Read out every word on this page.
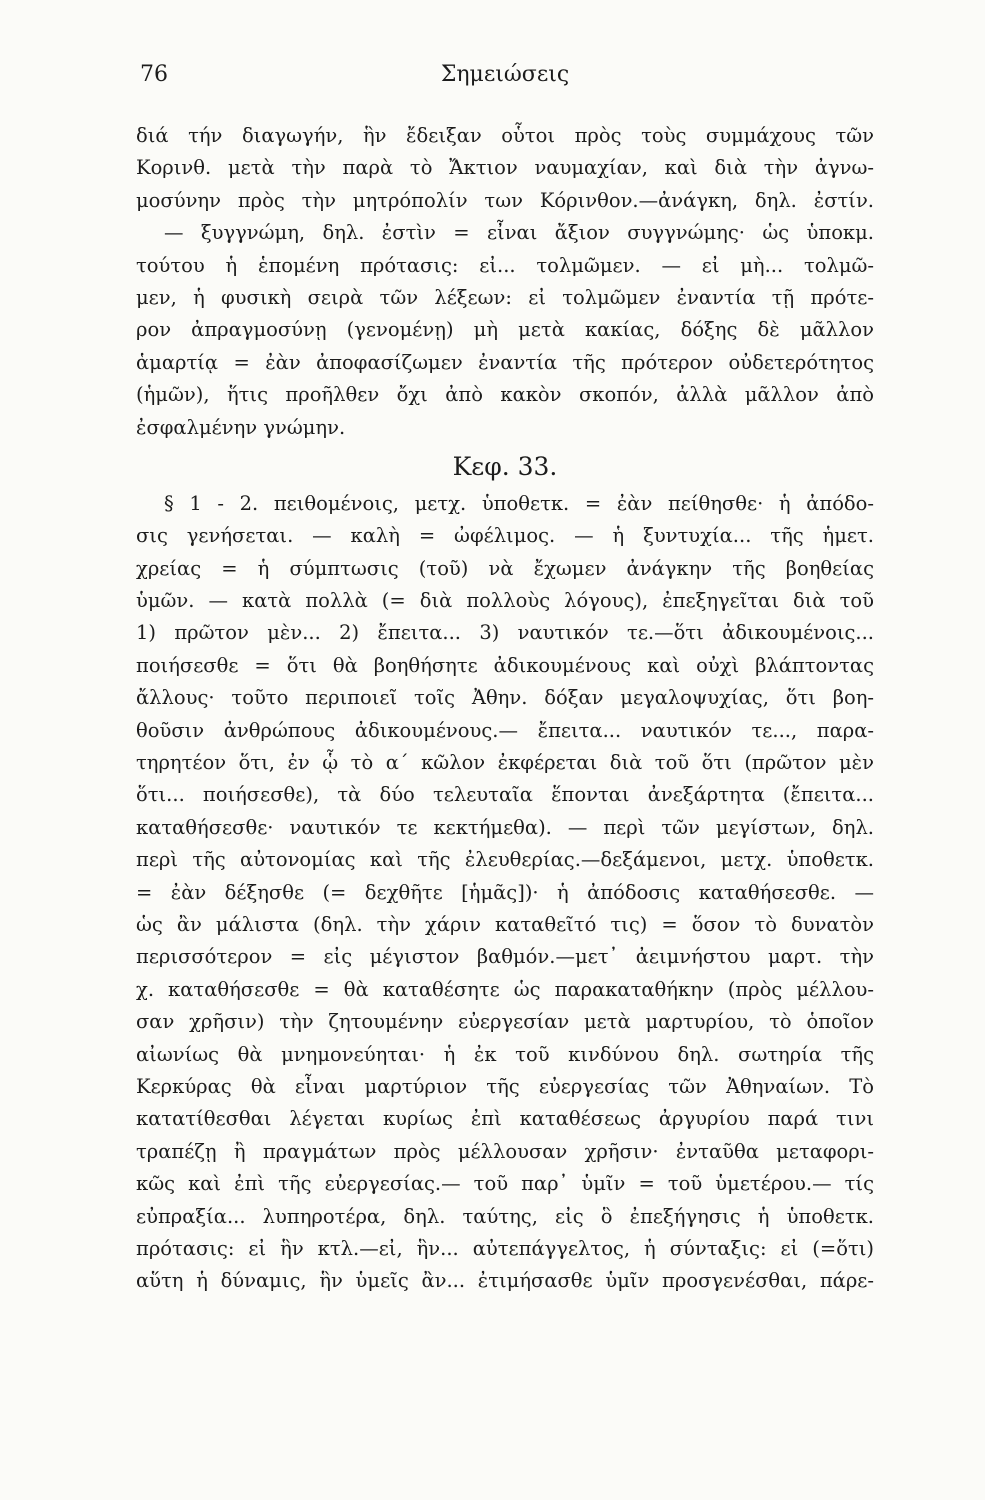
76	Σημειώσεις
διά τήν διαγωγήν, ἣν ἔδειξαν οὗτοι πρὸς τοὺς συμμάχους τῶν
Κορινθ. μετὰ τὴν παρὰ τὸ Ἄκτιον ναυμαχίαν, καὶ διὰ τὴν ἀγνω-
μοσύνην πρὸς τὴν μητρόπολίν των Κόρινθον.—ἀνάγκη, δηλ. ἐστίν.
— ξυγγνώμη, δηλ. ἐστὶν = εἶναι ἄξιον συγγνώμης· ὡς ὑποκμ.
τούτου ἡ ἑπομένη πρότασις: εἰ... τολμῶμεν. — εἰ μὴ... τολμῶ-
μεν, ἡ φυσικὴ σειρὰ τῶν λέξεων: εἰ τολμῶμεν ἐναντία τῇ πρότε-
ρον ἀπραγμοσύνῃ (γενομένῃ) μὴ μετὰ κακίας, δόξης δὲ μᾶλλον
ἁμαρτίᾳ = ἐὰν ἀποφασίζωμεν ἐναντία τῆς πρότερον οὐδετερότητος
(ἡμῶν), ἥτις προῆλθεν ὄχι ἀπὸ κακὸν σκοπόν, ἀλλὰ μᾶλλον ἀπὸ
ἐσφαλμένην γνώμην.
Κεφ. 33.
§ 1 - 2. πειθομένοις, μετχ. ὑποθετκ. = ἐὰν πείθησθε· ἡ ἀπόδο-
σις γενήσεται. — καλὴ = ὠφέλιμος. — ἡ ξυντυχία... τῆς ἡμετ.
χρείας = ἡ σύμπτωσις (τοῦ) νὰ ἔχωμεν ἀνάγκην τῆς βοηθείας
ὑμῶν. — κατὰ πολλὰ (= διὰ πολλοὺς λόγους), ἐπεξηγεῖται διὰ τοῦ
1) πρῶτον μὲν... 2) ἔπειτα... 3) ναυτικόν τε.—ὅτι ἀδικουμένοις...
ποιήσεσθε = ὅτι θὰ βοηθήσητε ἀδικουμένους καὶ οὐχὶ βλάπτοντας
ἄλλους· τοῦτο περιποιεῖ τοῖς Ἀθην. δόξαν μεγαλοψυχίας, ὅτι βοη-
θοῦσιν ἀνθρώπους ἀδικουμένους.— ἔπειτα... ναυτικόν τε..., παρα-
τηρητέον ὅτι, ἐν ᾧ τὸ α΄ κῶλον ἐκφέρεται διὰ τοῦ ὅτι (πρῶτον μὲν
ὅτι... ποιήσεσθε), τὰ δύο τελευταῖα ἕπονται ἀνεξάρτητα (ἔπειτα...
καταθήσεσθε· ναυτικόν τε κεκτήμεθα). — περὶ τῶν μεγίστων, δηλ.
περὶ τῆς αὐτονομίας καὶ τῆς ἐλευθερίας.—δεξάμενοι, μετχ. ὑποθετκ.
= ἐὰν δέξησθε (= δεχθῆτε [ἡμᾶς])· ἡ ἀπόδοσις καταθήσεσθε. —
ὡς ἂν μάλιστα (δηλ. τὴν χάριν καταθεῖτό τις) = ὅσον τὸ δυνατὸν
περισσότερον = εἰς μέγιστον βαθμόν.—μετ᾽ ἀειμνήστου μαρτ. τὴν
χ. καταθήσεσθε = θὰ καταθέσητε ὡς παρακαταθήκην (πρὸς μέλλου-
σαν χρῆσιν) τὴν ζητουμένην εὐεργεσίαν μετὰ μαρτυρίου, τὸ ὁποῖον
αἰωνίως θὰ μνημονεύηται· ἡ ἐκ τοῦ κινδύνου δηλ. σωτηρία τῆς
Κερκύρας θὰ εἶναι μαρτύριον τῆς εὐεργεσίας τῶν Ἀθηναίων. Τὸ
κατατίθεσθαι λέγεται κυρίως ἐπὶ καταθέσεως ἀργυρίου παρά τινι
τραπέζῃ ἢ πραγμάτων πρὸς μέλλουσαν χρῆσιν· ἐνταῦθα μεταφορι-
κῶς καὶ ἐπὶ τῆς εὐεργεσίας.— τοῦ παρ᾽ ὑμῖν = τοῦ ὑμετέρου.— τίς
εὐπραξία... λυπηροτέρα, δηλ. ταύτης, εἰς ὃ ἐπεξήγησις ἡ ὑποθετκ.
πρότασις: εἰ ἣν κτλ.—εἰ, ἣν... αὐτεπάγγελτος, ἡ σύνταξις: εἰ (=ὅτι)
αὕτη ἡ δύναμις, ἣν ὑμεῖς ἂν... ἐτιμήσασθε ὑμῖν προσγενέσθαι, πάρε-
